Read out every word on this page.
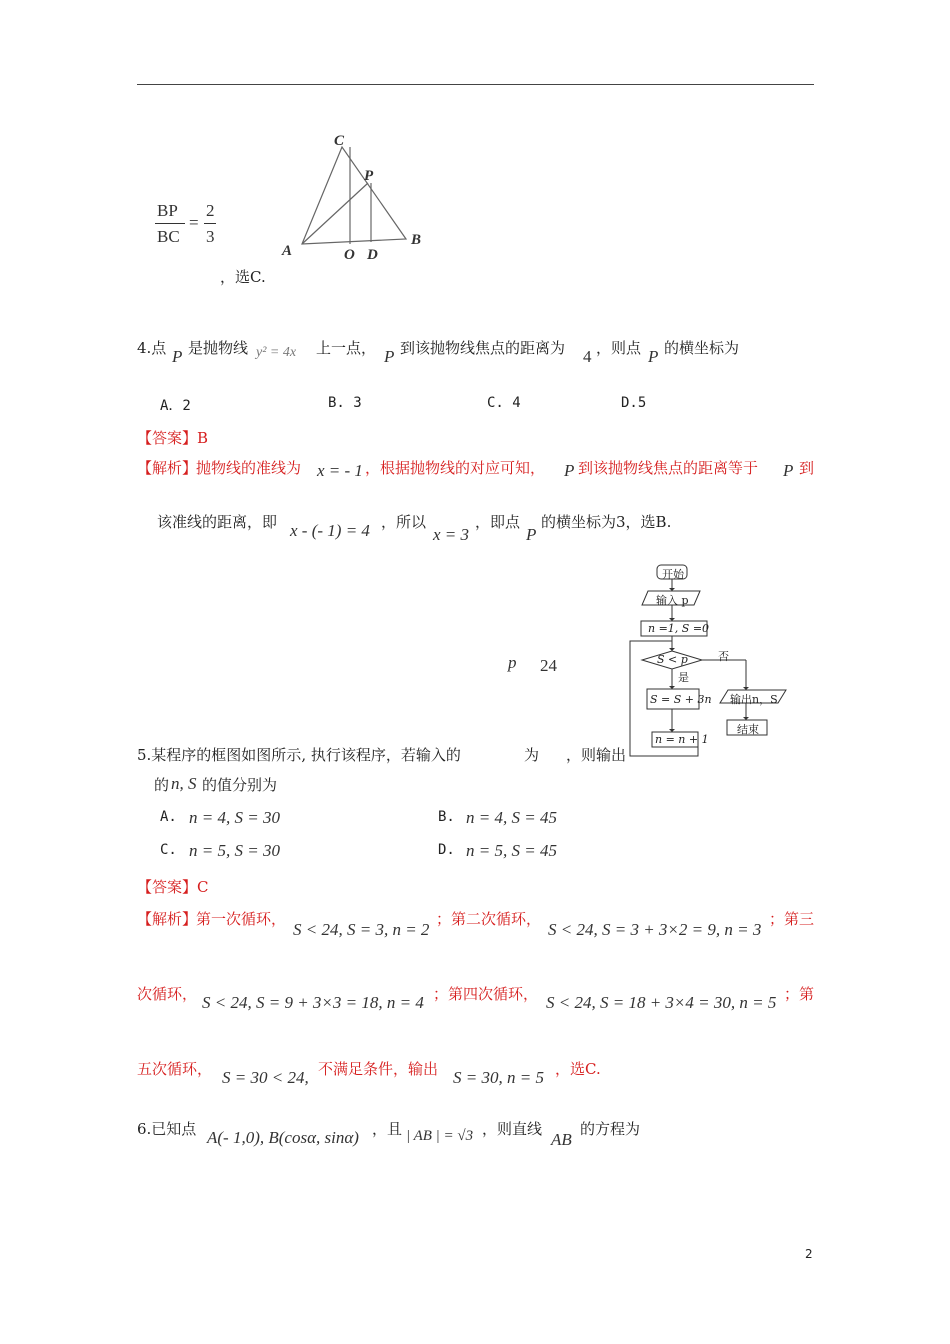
C
P
A	O D
B
BP
BC
=
2
3
，选C.
4.点 P 是抛物线 y² = 4x 上一点， P 到该抛物线焦点的距离为 4 ，则点 P 的横坐标为
A．2	B. 3	C. 4	D.5
【答案】B
【解析】
抛物线的准线为 x = - 1 ，根据抛物线的对应可知， P 到该抛物线焦点的距离等于 P 到
该准线的距离，即 x - (- 1) = 4 ，所以
x = 3
，即点
P
的横坐标为3，选B.
开始
输入 p
n =1, S =0
S < p	否
是
S = S + 3n
n = n + 1
输出n，S
结束
p 24
5.某程序的框图如图所示, 执行该程序，若输入的	为 ，则输出
的 n, S 的值分别为
A. n = 4, S = 30	B. n = 4, S = 45
C. n = 5, S = 30	D. n = 5, S = 45
【答案】C
【解析】
第一次循环，
S < 24, S = 3, n = 2
；第二次循环，
S < 24, S = 3 + 3×2 = 9, n = 3
；第三
次循环， S < 24, S = 9 + 3×3 = 18, n = 4 ；第四次循环， S < 24, S = 18 + 3×4 = 30, n = 5 ；第
五次循环， S = 30 < 24, 不满足条件，输出 S = 30, n = 5 ，选C.
6.已知点 A(- 1,0), B(cosα, sinα) ，且 | AB | = √3 ，则直线
AB
的方程为
2
